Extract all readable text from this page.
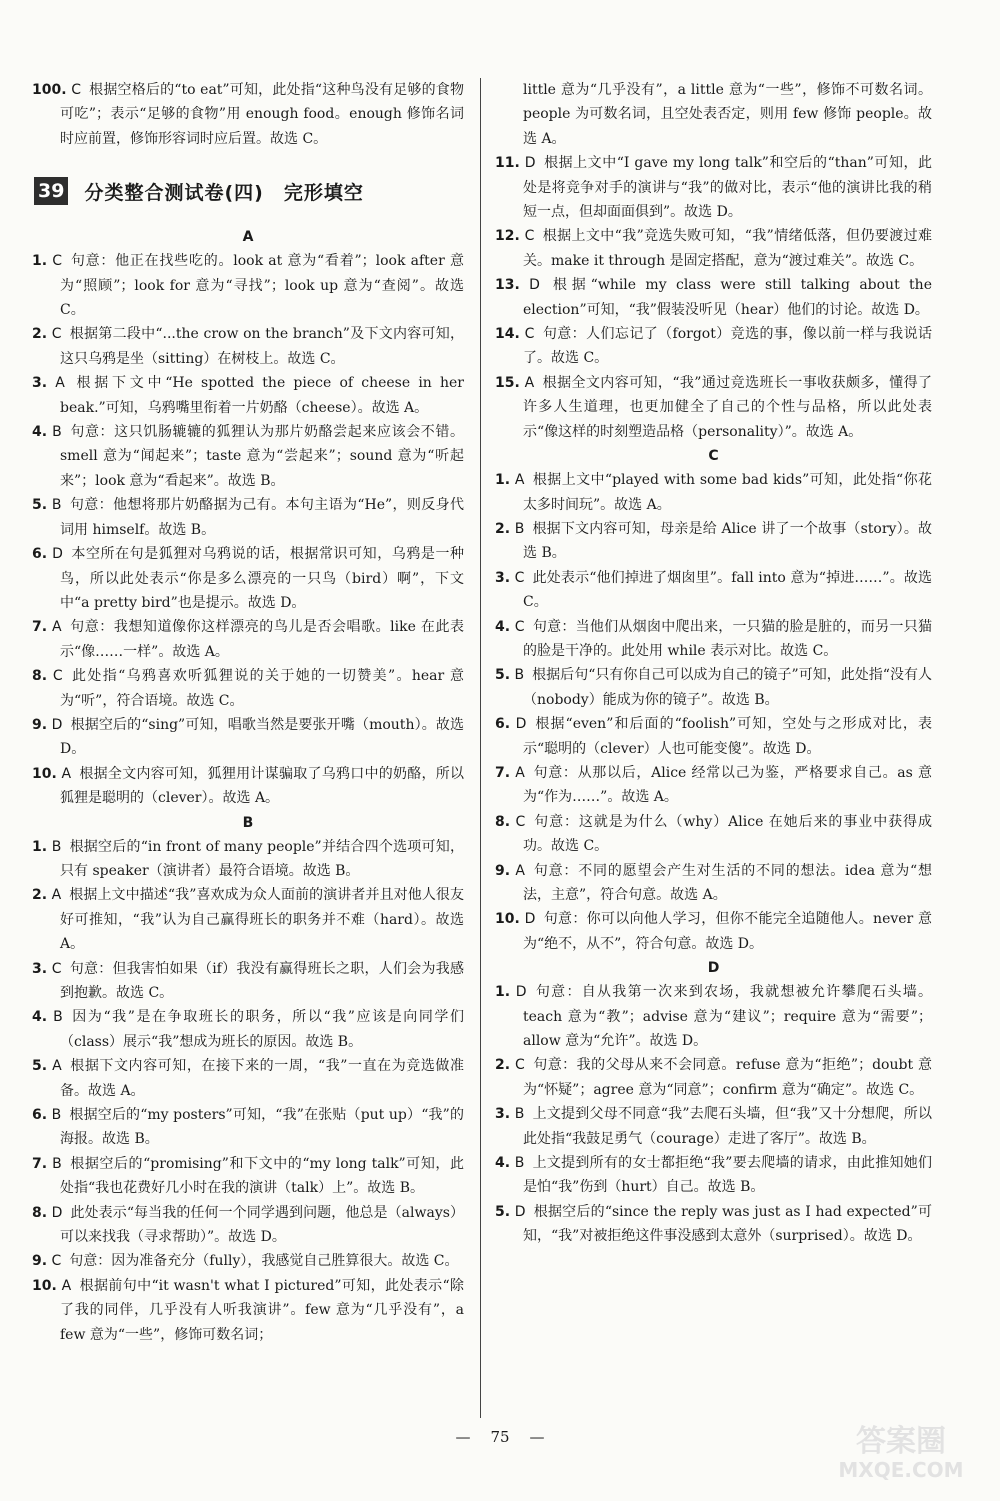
100. C 根据空格后的“to eat”可知，此处指“这种鸟没有足够的食物可吃”；表示“足够的食物”用 enough food。enough 修饰名词时应前置，修饰形容词时应后置。故选 C。
39 分类整合测试卷(四)　完形填空
A
1. C 句意：他正在找些吃的。look at 意为“看着”；look after 意为“照顾”；look for 意为“寻找”；look up 意为“查阅”。故选 C。
2. C 根据第二段中“...the crow on the branch”及下文内容可知，这只乌鸦是坐（sitting）在树枝上。故选 C。
3. A 根据下文中“He spotted the piece of cheese in her beak.”可知，乌鸦嘴里衔着一片奶酪（cheese）。故选 A。
4. B 句意：这只饥肠辘辘的狐狸认为那片奶酪尝起来应该会不错。smell 意为“闻起来”；taste 意为“尝起来”；sound 意为“听起来”；look 意为“看起来”。故选 B。
5. B 句意：他想将那片奶酪据为己有。本句主语为“He”，则反身代词用 himself。故选 B。
6. D 本空所在句是狐狸对乌鸦说的话，根据常识可知，乌鸦是一种鸟，所以此处表示“你是多么漂亮的一只鸟（bird）啊”，下文中“a pretty bird”也是提示。故选 D。
7. A 句意：我想知道像你这样漂亮的鸟儿是否会唱歌。like 在此表示“像……一样”。故选 A。
8. C 此处指“乌鸦喜欢听狐狸说的关于她的一切赞美”。hear 意为“听”，符合语境。故选 C。
9. D 根据空后的“sing”可知，唱歌当然是要张开嘴（mouth）。故选 D。
10. A 根据全文内容可知，狐狸用计谋骗取了乌鸦口中的奶酪，所以狐狸是聪明的（clever）。故选 A。
B
1. B 根据空后的“in front of many people”并结合四个选项可知，只有 speaker（演讲者）最符合语境。故选 B。
2. A 根据上文中描述“我”喜欢成为众人面前的演讲者并且对他人很友好可推知，“我”认为自己赢得班长的职务并不难（hard）。故选 A。
3. C 句意：但我害怕如果（if）我没有赢得班长之职，人们会为我感到抱歉。故选 C。
4. B 因为“我”是在争取班长的职务，所以“我”应该是向同学们（class）展示“我”想成为班长的原因。故选 B。
5. A 根据下文内容可知，在接下来的一周，“我”一直在为竞选做准备。故选 A。
6. B 根据空后的“my posters”可知，“我”在张贴（put up）“我”的海报。故选 B。
7. B 根据空后的“promising”和下文中的“my long talk”可知，此处指“我也花费好几小时在我的演讲（talk）上”。故选 B。
8. D 此处表示“每当我的任何一个同学遇到问题，他总是（always）可以来找我（寻求帮助）”。故选 D。
9. C 句意：因为准备充分（fully），我感觉自己胜算很大。故选 C。
10. A 根据前句中“it wasn't what I pictured”可知，此处表示“除了我的同伴，几乎没有人听我演讲”。few 意为“几乎没有”，a few 意为“一些”，修饰可数名词；
little 意为“几乎没有”，a little 意为“一些”，修饰不可数名词。people 为可数名词，且空处表否定，则用 few 修饰 people。故选 A。
11. D 根据上文中“I gave my long talk”和空后的“than”可知，此处是将竞争对手的演讲与“我”的做对比，表示“他的演讲比我的稍短一点，但却面面俱到”。故选 D。
12. C 根据上文中“我”竞选失败可知，“我”情绪低落，但仍要渡过难关。make it through 是固定搭配，意为“渡过难关”。故选 C。
13. D 根据“while my class were still talking about the election”可知，“我”假装没听见（hear）他们的讨论。故选 D。
14. C 句意：人们忘记了（forgot）竞选的事，像以前一样与我说话了。故选 C。
15. A 根据全文内容可知，“我”通过竞选班长一事收获颇多，懂得了许多人生道理，也更加健全了自己的个性与品格，所以此处表示“像这样的时刻塑造品格（personality）”。故选 A。
C
1. A 根据上文中“played with some bad kids”可知，此处指“你花太多时间玩”。故选 A。
2. B 根据下文内容可知，母亲是给 Alice 讲了一个故事（story）。故选 B。
3. C 此处表示“他们掉进了烟囱里”。fall into 意为“掉进……”。故选 C。
4. C 句意：当他们从烟囱中爬出来，一只猫的脸是脏的，而另一只猫的脸是干净的。此处用 while 表示对比。故选 C。
5. B 根据后句“只有你自己可以成为自己的镜子”可知，此处指“没有人（nobody）能成为你的镜子”。故选 B。
6. D 根据“even”和后面的“foolish”可知，空处与之形成对比，表示“聪明的（clever）人也可能变傻”。故选 D。
7. A 句意：从那以后，Alice 经常以己为鉴，严格要求自己。as 意为“作为……”。故选 A。
8. C 句意：这就是为什么（why）Alice 在她后来的事业中获得成功。故选 C。
9. A 句意：不同的愿望会产生对生活的不同的想法。idea 意为“想法，主意”，符合句意。故选 A。
10. D 句意：你可以向他人学习，但你不能完全追随他人。never 意为“绝不，从不”，符合句意。故选 D。
D
1. D 句意：自从我第一次来到农场，我就想被允许攀爬石头墙。teach 意为“教”；advise 意为“建议”；require 意为“需要”；allow 意为“允许”。故选 D。
2. C 句意：我的父母从来不会同意。refuse 意为“拒绝”；doubt 意为“怀疑”；agree 意为“同意”；confirm 意为“确定”。故选 C。
3. B 上文提到父母不同意“我”去爬石头墙，但“我”又十分想爬，所以此处指“我鼓足勇气（courage）走进了客厅”。故选 B。
4. B 上文提到所有的女士都拒绝“我”要去爬墙的请求，由此推知她们是怕“我”伤到（hurt）自己。故选 B。
5. D 根据空后的“since the reply was just as I had expected”可知，“我”对被拒绝这件事没感到太意外（surprised）。故选 D。
— 75 —	答案圈
MXQE.COM
